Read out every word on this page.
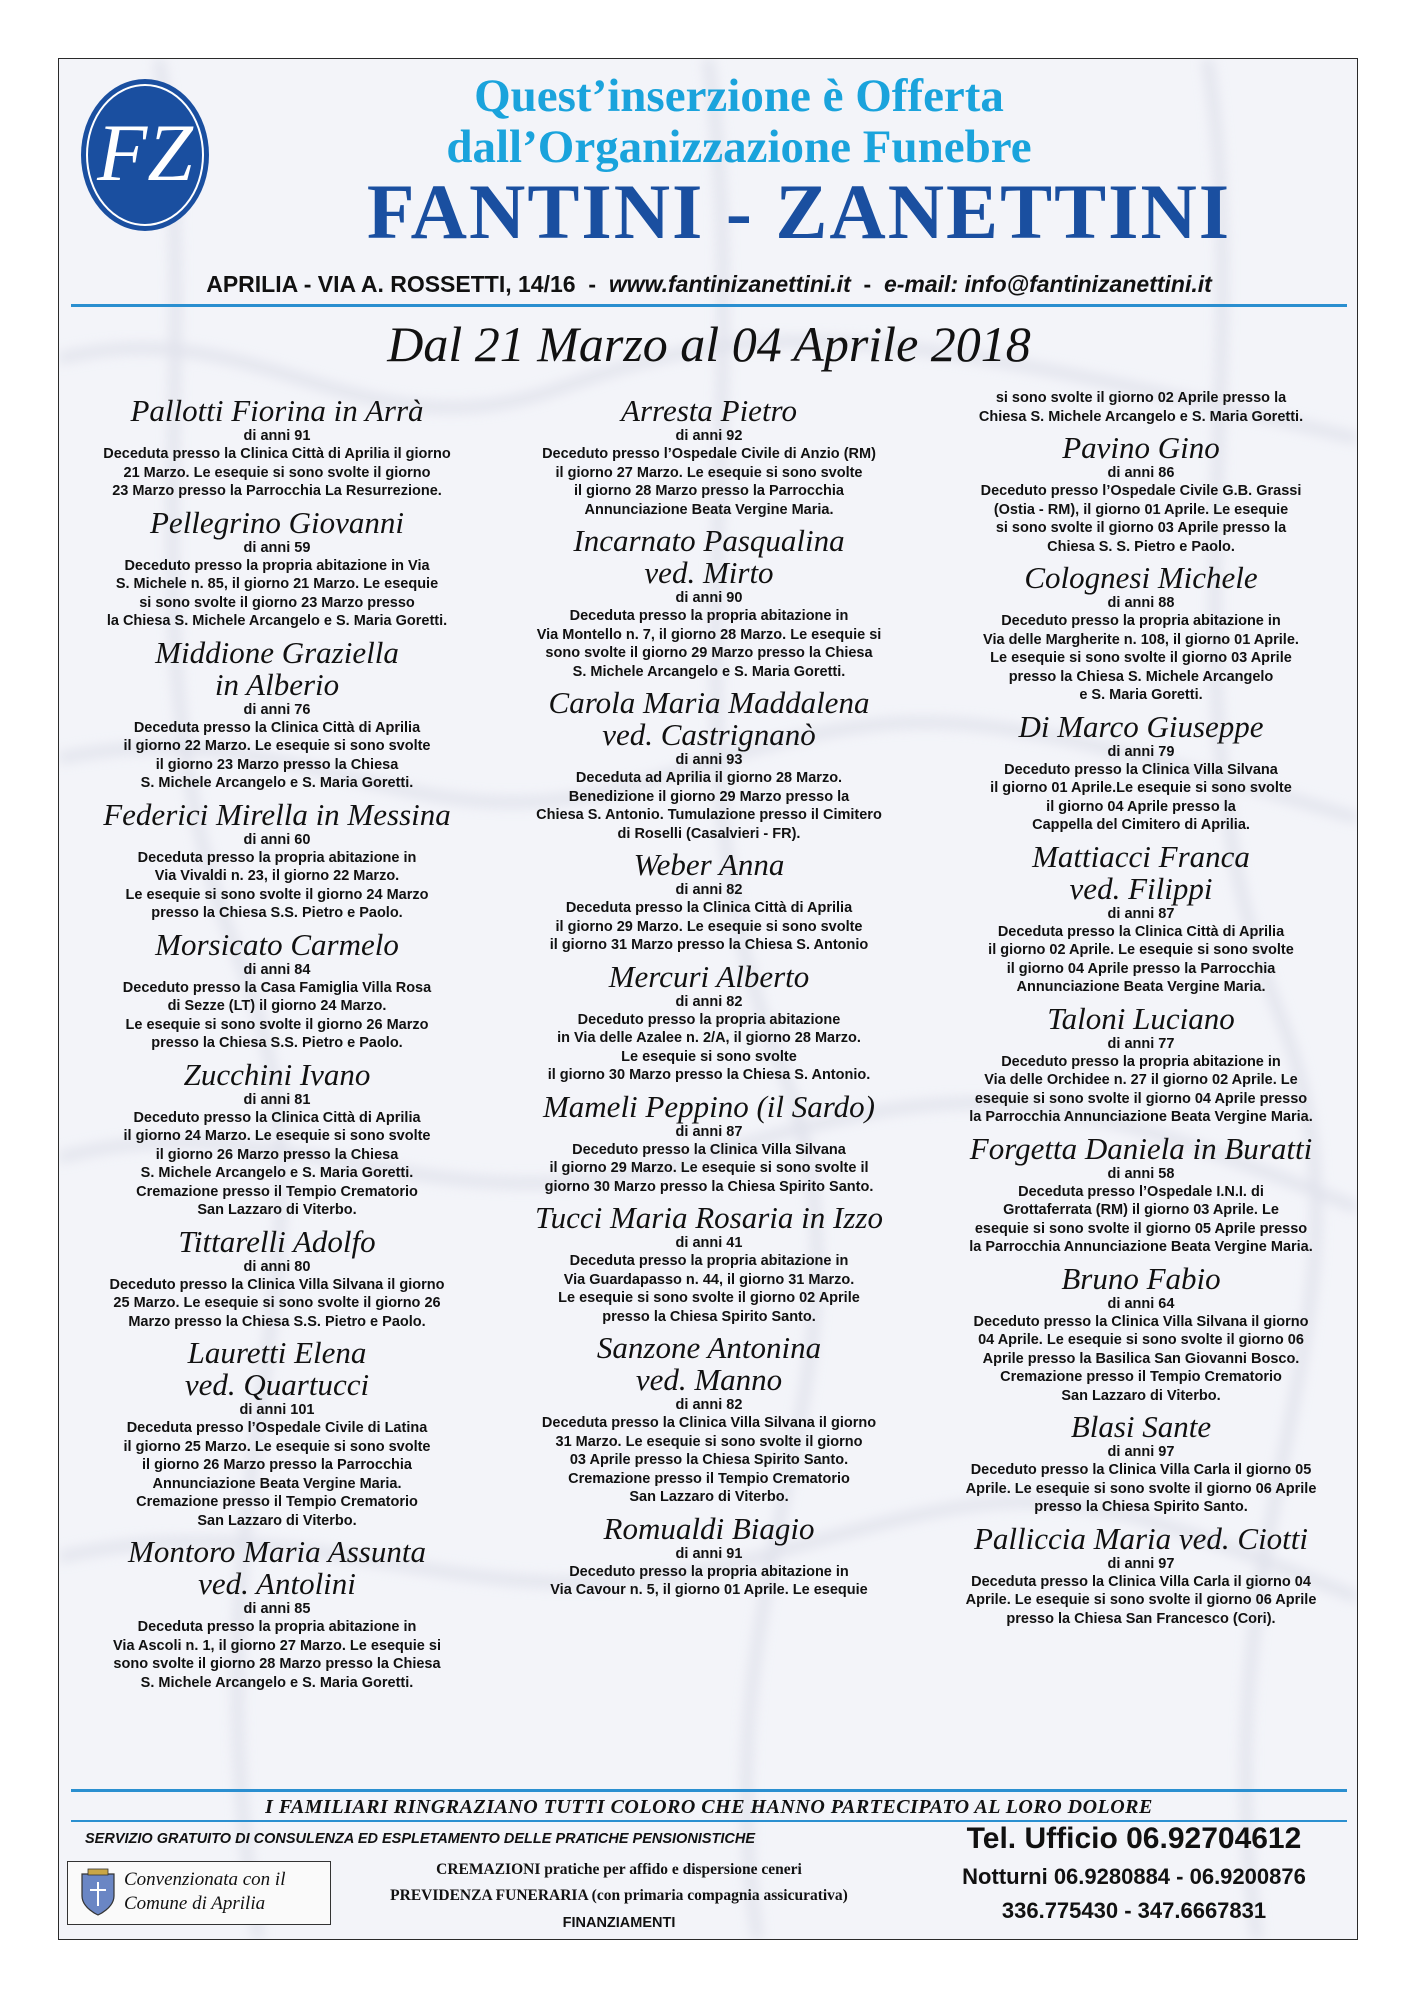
FZ
Quest’inserzione è Offerta
dall’Organizzazione Funebre
FANTINI - ZANETTINI
APRILIA - VIA A. ROSSETTI, 14/16 - www.fantinizanettini.it - e-mail: info@fantinizanettini.it
Dal 21 Marzo al 04 Aprile 2018
Pallotti Fiorina in Arrà
di anni 91
Deceduta presso la Clinica Città di Aprilia il giorno
21 Marzo. Le esequie si sono svolte il giorno
23 Marzo presso la Parrocchia La Resurrezione.
Pellegrino Giovanni
di anni 59
Deceduto presso la propria abitazione in Via
S. Michele n. 85, il giorno 21 Marzo. Le esequie
si sono svolte il giorno 23 Marzo presso
la Chiesa S. Michele Arcangelo e S. Maria Goretti.
Middione Graziella
in Alberio
di anni 76
Deceduta presso la Clinica Città di Aprilia
il giorno 22 Marzo. Le esequie si sono svolte
il giorno 23 Marzo presso la Chiesa
S. Michele Arcangelo e S. Maria Goretti.
Federici Mirella in Messina
di anni 60
Deceduta presso la propria abitazione in
Via Vivaldi n. 23, il giorno 22 Marzo.
Le esequie si sono svolte il giorno 24 Marzo
presso la Chiesa S.S. Pietro e Paolo.
Morsicato Carmelo
di anni 84
Deceduto presso la Casa Famiglia Villa Rosa
di Sezze (LT) il giorno 24 Marzo.
Le esequie si sono svolte il giorno 26 Marzo
presso la Chiesa S.S. Pietro e Paolo.
Zucchini Ivano
di anni 81
Deceduto presso la Clinica Città di Aprilia
il giorno 24 Marzo. Le esequie si sono svolte
il giorno 26 Marzo presso la Chiesa
S. Michele Arcangelo e S. Maria Goretti.
Cremazione presso il Tempio Crematorio
San Lazzaro di Viterbo.
Tittarelli Adolfo
di anni 80
Deceduto presso la Clinica Villa Silvana il giorno
25 Marzo. Le esequie si sono svolte il giorno 26
Marzo presso la Chiesa S.S. Pietro e Paolo.
Lauretti Elena
ved. Quartucci
di anni 101
Deceduta presso l’Ospedale Civile di Latina
il giorno 25 Marzo. Le esequie si sono svolte
il giorno 26 Marzo presso la Parrocchia
Annunciazione Beata Vergine Maria.
Cremazione presso il Tempio Crematorio
San Lazzaro di Viterbo.
Montoro Maria Assunta
ved. Antolini
di anni 85
Deceduta presso la propria abitazione in
Via Ascoli n. 1, il giorno 27 Marzo. Le esequie si
sono svolte il giorno 28 Marzo presso la Chiesa
S. Michele Arcangelo e S. Maria Goretti.
Arresta Pietro
di anni 92
Deceduto presso l’Ospedale Civile di Anzio (RM)
il giorno 27 Marzo. Le esequie si sono svolte
il giorno 28 Marzo presso la Parrocchia
Annunciazione Beata Vergine Maria.
Incarnato Pasqualina
ved. Mirto
di anni 90
Deceduta presso la propria abitazione in
Via Montello n. 7, il giorno 28 Marzo. Le esequie si
sono svolte il giorno 29 Marzo presso la Chiesa
S. Michele Arcangelo e S. Maria Goretti.
Carola Maria Maddalena
ved. Castrignanò
di anni 93
Deceduta ad Aprilia il giorno 28 Marzo.
Benedizione il giorno 29 Marzo presso la
Chiesa S. Antonio. Tumulazione presso il Cimitero
di Roselli (Casalvieri - FR).
Weber Anna
di anni 82
Deceduta presso la Clinica Città di Aprilia
il giorno 29 Marzo. Le esequie si sono svolte
il giorno 31 Marzo presso la Chiesa S. Antonio
Mercuri Alberto
di anni 82
Deceduto presso la propria abitazione
in Via delle Azalee n. 2/A, il giorno 28 Marzo.
Le esequie si sono svolte
il giorno 30 Marzo presso la Chiesa S. Antonio.
Mameli Peppino (il Sardo)
di anni 87
Deceduto presso la Clinica Villa Silvana
il giorno 29 Marzo. Le esequie si sono svolte il
giorno 30 Marzo presso la Chiesa Spirito Santo.
Tucci Maria Rosaria in Izzo
di anni 41
Deceduta presso la propria abitazione in
Via Guardapasso n. 44, il giorno 31 Marzo.
Le esequie si sono svolte il giorno 02 Aprile
presso la Chiesa Spirito Santo.
Sanzone Antonina
ved. Manno
di anni 82
Deceduta presso la Clinica Villa Silvana il giorno
31 Marzo. Le esequie si sono svolte il giorno
03 Aprile presso la Chiesa Spirito Santo.
Cremazione presso il Tempio Crematorio
San Lazzaro di Viterbo.
Romualdi Biagio
di anni 91
Deceduto presso la propria abitazione in
Via Cavour n. 5, il giorno 01 Aprile. Le esequie
si sono svolte il giorno 02 Aprile presso la
Chiesa S. Michele Arcangelo e S. Maria Goretti.
Pavino Gino
di anni 86
Deceduto presso l’Ospedale Civile G.B. Grassi
(Ostia - RM), il giorno 01 Aprile. Le esequie
si sono svolte il giorno 03 Aprile presso la
Chiesa S. S. Pietro e Paolo.
Colognesi Michele
di anni 88
Deceduto presso la propria abitazione in
Via delle Margherite n. 108, il giorno 01 Aprile.
Le esequie si sono svolte il giorno 03 Aprile
presso la Chiesa S. Michele Arcangelo
e S. Maria Goretti.
Di Marco Giuseppe
di anni 79
Deceduto presso la Clinica Villa Silvana
il giorno 01 Aprile.Le esequie si sono svolte
il giorno 04 Aprile presso la
Cappella del Cimitero di Aprilia.
Mattiacci Franca
ved. Filippi
di anni 87
Deceduta presso la Clinica Città di Aprilia
il giorno 02 Aprile. Le esequie si sono svolte
il giorno 04 Aprile presso la Parrocchia
Annunciazione Beata Vergine Maria.
Taloni Luciano
di anni 77
Deceduto presso la propria abitazione in
Via delle Orchidee n. 27 il giorno 02 Aprile. Le
esequie si sono svolte il giorno 04 Aprile presso
la Parrocchia Annunciazione Beata Vergine Maria.
Forgetta Daniela in Buratti
di anni 58
Deceduta presso l’Ospedale I.N.I. di
Grottaferrata (RM) il giorno 03 Aprile. Le
esequie si sono svolte il giorno 05 Aprile presso
la Parrocchia Annunciazione Beata Vergine Maria.
Bruno Fabio
di anni 64
Deceduto presso la Clinica Villa Silvana il giorno
04 Aprile. Le esequie si sono svolte il giorno 06
Aprile presso la Basilica San Giovanni Bosco.
Cremazione presso il Tempio Crematorio
San Lazzaro di Viterbo.
Blasi Sante
di anni 97
Deceduto presso la Clinica Villa Carla il giorno 05
Aprile. Le esequie si sono svolte il giorno 06 Aprile
presso la Chiesa Spirito Santo.
Palliccia Maria ved. Ciotti
di anni 97
Deceduta presso la Clinica Villa Carla il giorno 04
Aprile. Le esequie si sono svolte il giorno 06 Aprile
presso la Chiesa San Francesco (Cori).
I FAMILIARI RINGRAZIANO TUTTI COLORO CHE HANNO PARTECIPATO AL LORO DOLORE
SERVIZIO GRATUITO DI CONSULENZA ED ESPLETAMENTO DELLE PRATICHE PENSIONISTICHE	Tel. Ufficio 06.92704612
Notturni 06.9280884 - 06.9200876
336.775430 - 347.6667831
Convenzionata con il
Comune di Aprilia
CREMAZIONI pratiche per affido e dispersione ceneri
PREVIDENZA FUNERARIA (con primaria compagnia assicurativa)
FINANZIAMENTI
